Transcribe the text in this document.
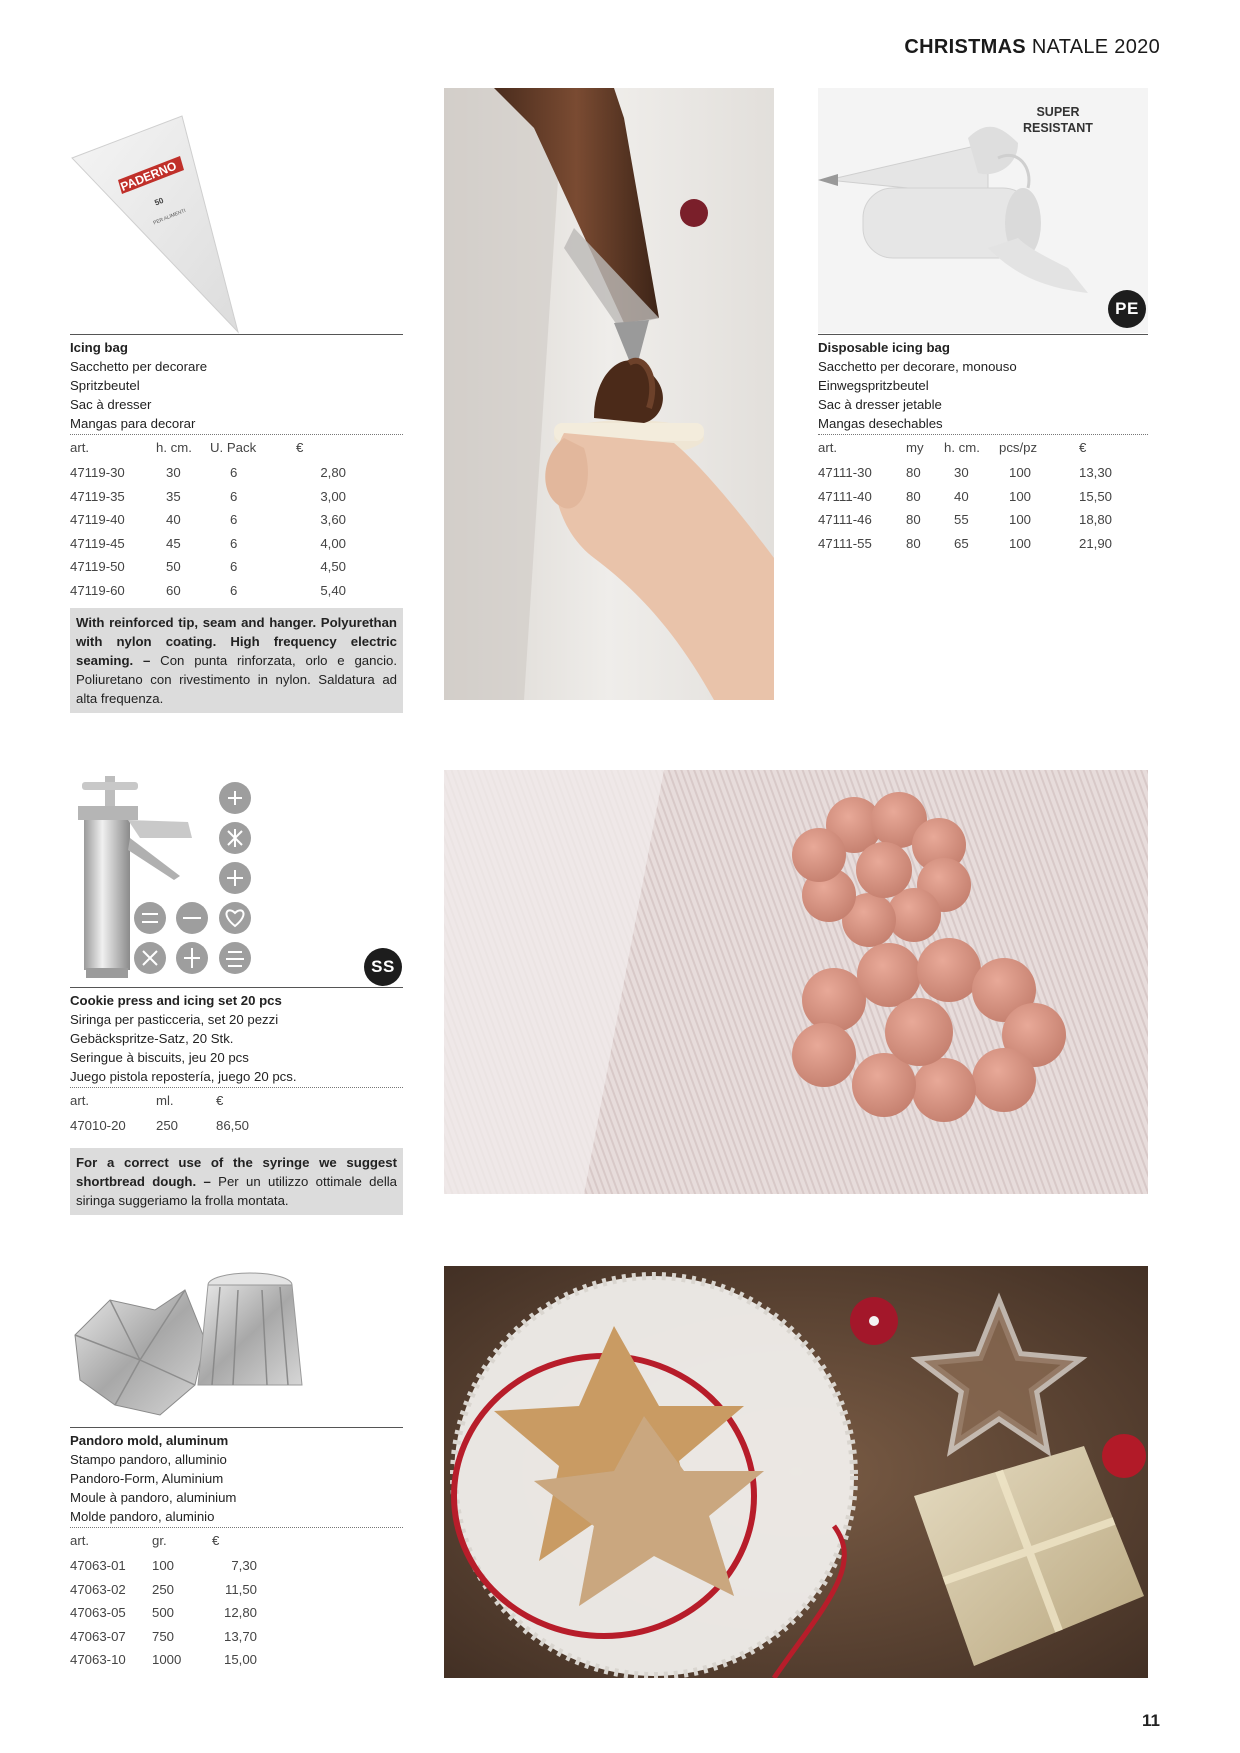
CHRISTMAS NATALE 2020
PADERNO
50
PER ALIMENTI
Icing bag
Sacchetto per decorare
Spritzbeutel
Sac à dresser
Mangas para decorar
art.	h. cm.	U. Pack	€
47119-30	30	6	2,80
47119-35	35	6	3,00
47119-40	40	6	3,60
47119-45	45	6	4,00
47119-50	50	6	4,50
47119-60	60	6	5,40
With reinforced tip, seam and hanger. Polyurethan with nylon coating. High frequency electric seaming. – Con punta rinforzata, orlo e gancio. Poliuretano con rivestimento in nylon. Saldatura ad alta frequenza.
SUPER
RESISTANT
PE
Disposable icing bag
Sacchetto per decorare, monouso
Einwegspritzbeutel
Sac à dresser jetable
Mangas desechables
art.	my	h. cm.	pcs/pz	€
47111-30	80	30	100	13,30
47111-40	80	40	100	15,50
47111-46	80	55	100	18,80
47111-55	80	65	100	21,90
SS
Cookie press and icing set 20 pcs
Siringa per pasticceria, set 20 pezzi
Gebäckspritze-Satz, 20 Stk.
Seringue à biscuits, jeu 20 pcs
Juego pistola repostería, juego 20 pcs.
art.	ml.	€
47010-20	250	86,50
For a correct use of the syringe we suggest shortbread dough. – Per un utilizzo ottimale della siringa suggeriamo la frolla montata.
Pandoro mold, aluminum
Stampo pandoro, alluminio
Pandoro-Form, Aluminium
Moule à pandoro, aluminium
Molde pandoro, aluminio
art.	gr.	€
47063-01	100	7,30
47063-02	250	11,50
47063-05	500	12,80
47063-07	750	13,70
47063-10	1000	15,00
11
